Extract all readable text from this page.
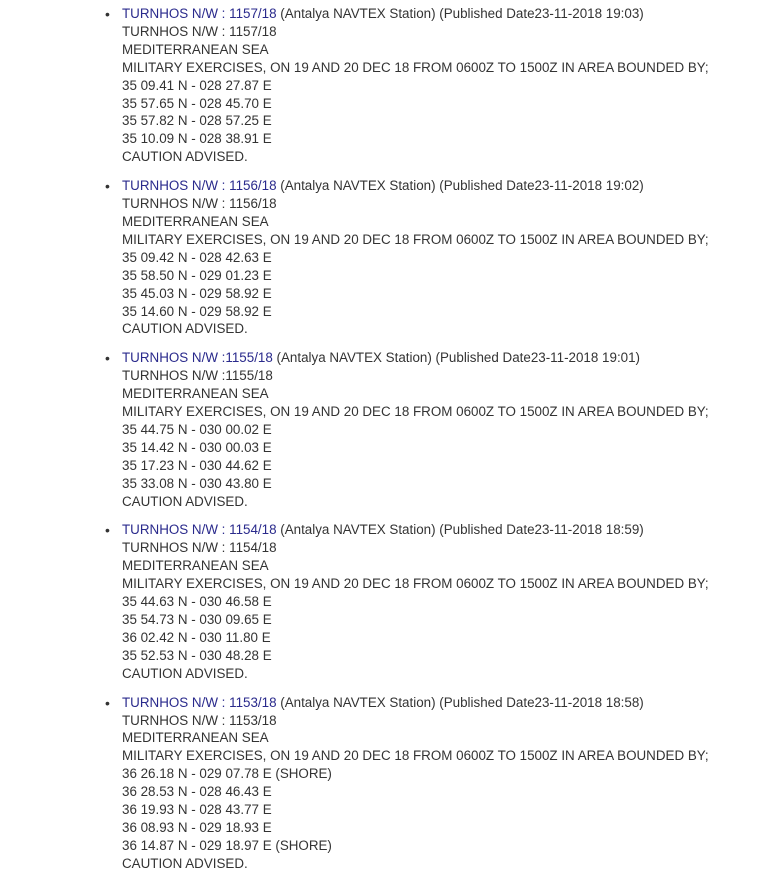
• TURNHOS N/W : 1157/18 (Antalya NAVTEX Station) (Published Date23-11-2018 19:03)
TURNHOS N/W : 1157/18
MEDITERRANEAN SEA
MILITARY EXERCISES, ON 19 AND 20 DEC 18 FROM 0600Z TO 1500Z IN AREA BOUNDED BY;
35 09.41 N - 028 27.87 E
35 57.65 N - 028 45.70 E
35 57.82 N - 028 57.25 E
35 10.09 N - 028 38.91 E
CAUTION ADVISED.
• TURNHOS N/W : 1156/18 (Antalya NAVTEX Station) (Published Date23-11-2018 19:02)
TURNHOS N/W : 1156/18
MEDITERRANEAN SEA
MILITARY EXERCISES, ON 19 AND 20 DEC 18 FROM 0600Z TO 1500Z IN AREA BOUNDED BY;
35 09.42 N - 028 42.63 E
35 58.50 N - 029 01.23 E
35 45.03 N - 029 58.92 E
35 14.60 N - 029 58.92 E
CAUTION ADVISED.
• TURNHOS N/W :1155/18 (Antalya NAVTEX Station) (Published Date23-11-2018 19:01)
TURNHOS N/W :1155/18
MEDITERRANEAN SEA
MILITARY EXERCISES, ON 19 AND 20 DEC 18 FROM 0600Z TO 1500Z IN AREA BOUNDED BY;
35 44.75 N - 030 00.02 E
35 14.42 N - 030 00.03 E
35 17.23 N - 030 44.62 E
35 33.08 N - 030 43.80 E
CAUTION ADVISED.
• TURNHOS N/W : 1154/18 (Antalya NAVTEX Station) (Published Date23-11-2018 18:59)
TURNHOS N/W : 1154/18
MEDITERRANEAN SEA
MILITARY EXERCISES, ON 19 AND 20 DEC 18 FROM 0600Z TO 1500Z IN AREA BOUNDED BY;
35 44.63 N - 030 46.58 E
35 54.73 N - 030 09.65 E
36 02.42 N - 030 11.80 E
35 52.53 N - 030 48.28 E
CAUTION ADVISED.
• TURNHOS N/W : 1153/18 (Antalya NAVTEX Station) (Published Date23-11-2018 18:58)
TURNHOS N/W : 1153/18
MEDITERRANEAN SEA
MILITARY EXERCISES, ON 19 AND 20 DEC 18 FROM 0600Z TO 1500Z IN AREA BOUNDED BY;
36 26.18 N - 029 07.78 E (SHORE)
36 28.53 N - 028 46.43 E
36 19.93 N - 028 43.77 E
36 08.93 N - 029 18.93 E
36 14.87 N - 029 18.97 E (SHORE)
CAUTION ADVISED.
